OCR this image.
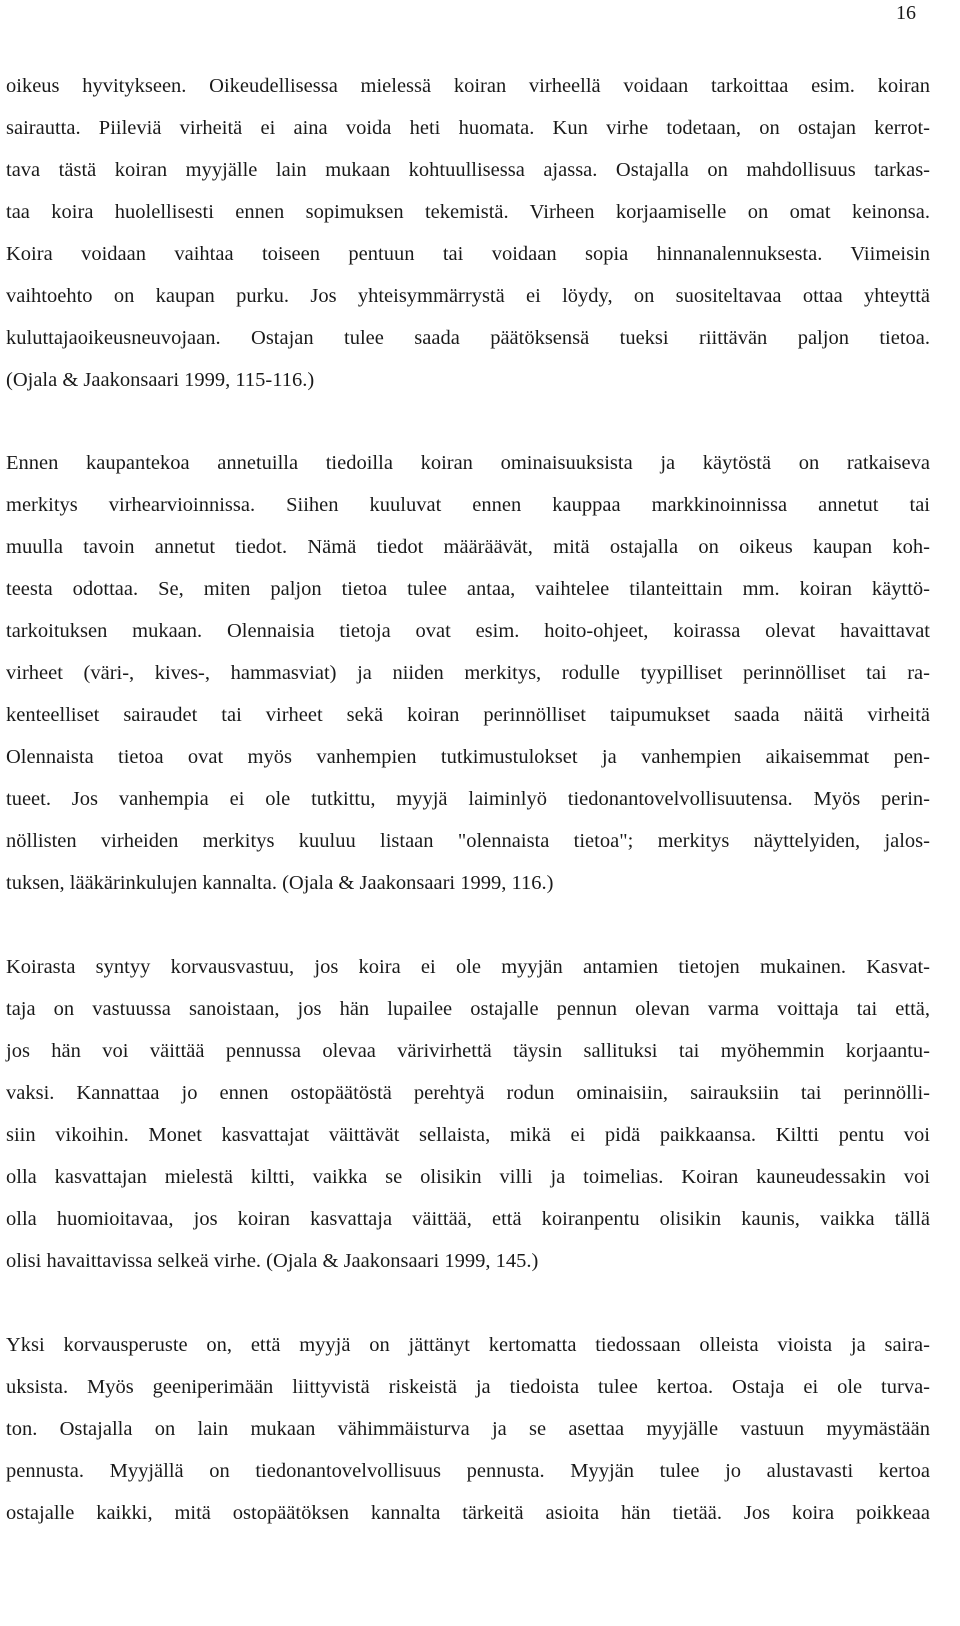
16
oikeus hyvitykseen. Oikeudellisessa mielessä koiran virheellä voidaan tarkoittaa esim. koiran
sairautta. Piileviä virheitä ei aina voida heti huomata. Kun virhe todetaan, on ostajan kerrot-
tava tästä koiran myyjälle lain mukaan kohtuullisessa ajassa. Ostajalla on mahdollisuus tarkas-
taa koira huolellisesti ennen sopimuksen tekemistä. Virheen korjaamiselle on omat keinonsa.
Koira voidaan vaihtaa toiseen pentuun tai voidaan sopia hinnanalennuksesta. Viimeisin
vaihtoehto on kaupan purku. Jos yhteisymmärrystä ei löydy, on suositeltavaa ottaa yhteyttä
kuluttajaoikeusneuvojaan. Ostajan tulee saada päätöksensä tueksi riittävän paljon tietoa.
(Ojala & Jaakonsaari 1999, 115-116.)
Ennen kaupantekoa annetuilla tiedoilla koiran ominaisuuksista ja käytöstä on ratkaiseva
merkitys virhearvioinnissa. Siihen kuuluvat ennen kauppaa markkinoinnissa annetut tai
muulla tavoin annetut tiedot. Nämä tiedot määräävät, mitä ostajalla on oikeus kaupan koh-
teesta odottaa. Se, miten paljon tietoa tulee antaa, vaihtelee tilanteittain mm. koiran käyttö-
tarkoituksen mukaan. Olennaisia tietoja ovat esim. hoito-ohjeet, koirassa olevat havaittavat
virheet (väri-, kives-, hammasviat) ja niiden merkitys, rodulle tyypilliset perinnölliset tai ra-
kenteelliset sairaudet tai virheet sekä koiran perinnölliset taipumukset saada näitä virheitä
Olennaista tietoa ovat myös vanhempien tutkimustulokset ja vanhempien aikaisemmat pen-
tueet. Jos vanhempia ei ole tutkittu, myyjä laiminlyö tiedonantovelvollisuutensa. Myös perin-
nöllisten virheiden merkitys kuuluu listaan "olennaista tietoa"; merkitys näyttelyiden, jalos-
tuksen, lääkärinkulujen kannalta. (Ojala & Jaakonsaari 1999, 116.)
Koirasta syntyy korvausvastuu, jos koira ei ole myyjän antamien tietojen mukainen. Kasvat-
taja on vastuussa sanoistaan, jos hän lupailee ostajalle pennun olevan varma voittaja tai että,
jos hän voi väittää pennussa olevaa värivirhettä täysin sallituksi tai myöhemmin korjaantu-
vaksi. Kannattaa jo ennen ostopäätöstä perehtyä rodun ominaisiin, sairauksiin tai perinnölli-
siin vikoihin. Monet kasvattajat väittävät sellaista, mikä ei pidä paikkaansa. Kiltti pentu voi
olla kasvattajan mielestä kiltti, vaikka se olisikin villi ja toimelias. Koiran kauneudessakin voi
olla huomioitavaa, jos koiran kasvattaja väittää, että koiranpentu olisikin kaunis, vaikka tällä
olisi havaittavissa selkeä virhe. (Ojala & Jaakonsaari 1999, 145.)
Yksi korvausperuste on, että myyjä on jättänyt kertomatta tiedossaan olleista vioista ja saira-
uksista. Myös geeniperimään liittyvistä riskeistä ja tiedoista tulee kertoa. Ostaja ei ole turva-
ton. Ostajalla on lain mukaan vähimmäisturva ja se asettaa myyjälle vastuun myymästään
pennusta. Myyjällä on tiedonantovelvollisuus pennusta. Myyjän tulee jo alustavasti kertoa
ostajalle kaikki, mitä ostopäätöksen kannalta tärkeitä asioita hän tietää. Jos koira poikkeaa
